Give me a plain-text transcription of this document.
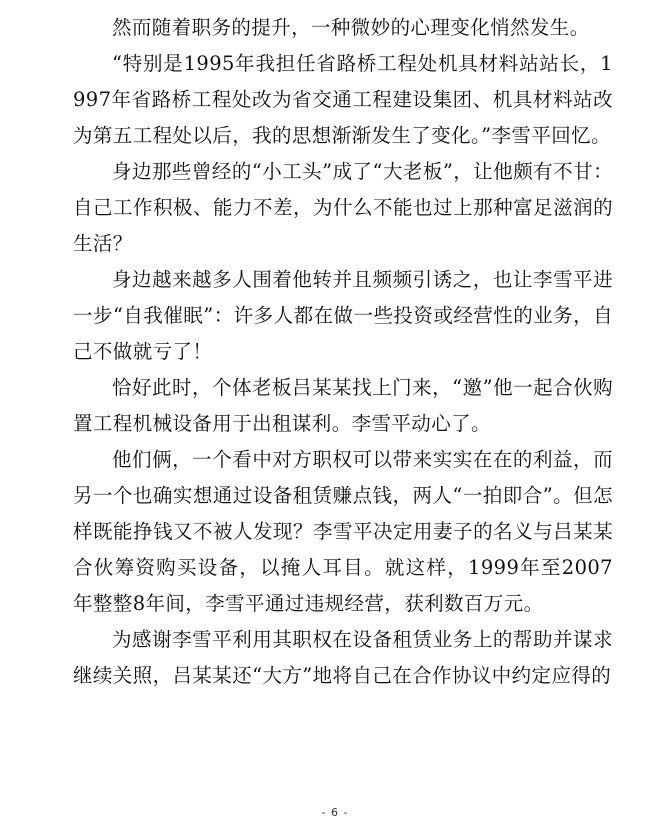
然而随着职务的提升，一种微妙的心理变化悄然发生。

“特别是1995年我担任省路桥工程处机具材料站站长，1997年省路桥工程处改为省交通工程建设集团、机具材料站改为第五工程处以后，我的思想渐渐发生了变化。”李雪平回忆。

身边那些曾经的“小工头”成了“大老板”，让他颇有不甘：自己工作积极、能力不差，为什么不能也过上那种富足滋润的生活？

身边越来越多人围着他转并且频频引诱之，也让李雪平进一步“自我催眠”：许多人都在做一些投资或经营性的业务，自己不做就亏了！

恰好此时，个体老板吕某某找上门来，“邀”他一起合伙购置工程机械设备用于出租谋利。李雪平动心了。

他们俩，一个看中对方职权可以带来实实在在的利益，而另一个也确实想通过设备租赁赚点钱，两人“一拍即合”。但怎样既能挣钱又不被人发现？李雪平决定用妻子的名义与吕某某合伙筹资购买设备，以掩人耳目。就这样，1999年至2007年整整8年间，李雪平通过违规经营，获利数百万元。

为感谢李雪平利用其职权在设备租赁业务上的帮助并谋求继续关照，吕某某还“大方”地将自己在合作协议中约定应得的

- 6 -
